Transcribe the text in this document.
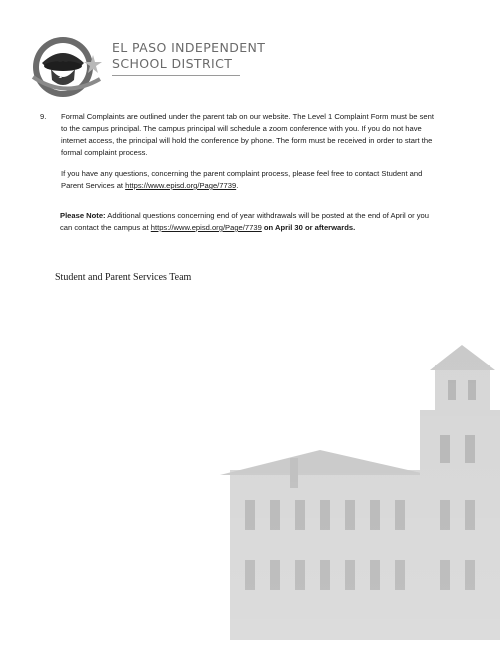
1
EL PASO INDEPENDENT
SCHOOL DISTRICT
9.	Formal Complaints are outlined under the parent tab on our website. The Level 1 Complaint Form must be sent to the campus principal. The campus principal will schedule a zoom conference with you. If you do not have internet access, the principal will hold the conference by phone. The form must be received in order to start the formal complaint process.
If you have any questions, concerning the parent complaint process, please feel free to contact Student and Parent Services at https://www.episd.org/Page/7739.
Please Note: Additional questions concerning end of year withdrawals will be posted at the end of April or you can contact the campus at https://www.episd.org/Page/7739 on April 30 or afterwards.
Student and Parent Services Team
